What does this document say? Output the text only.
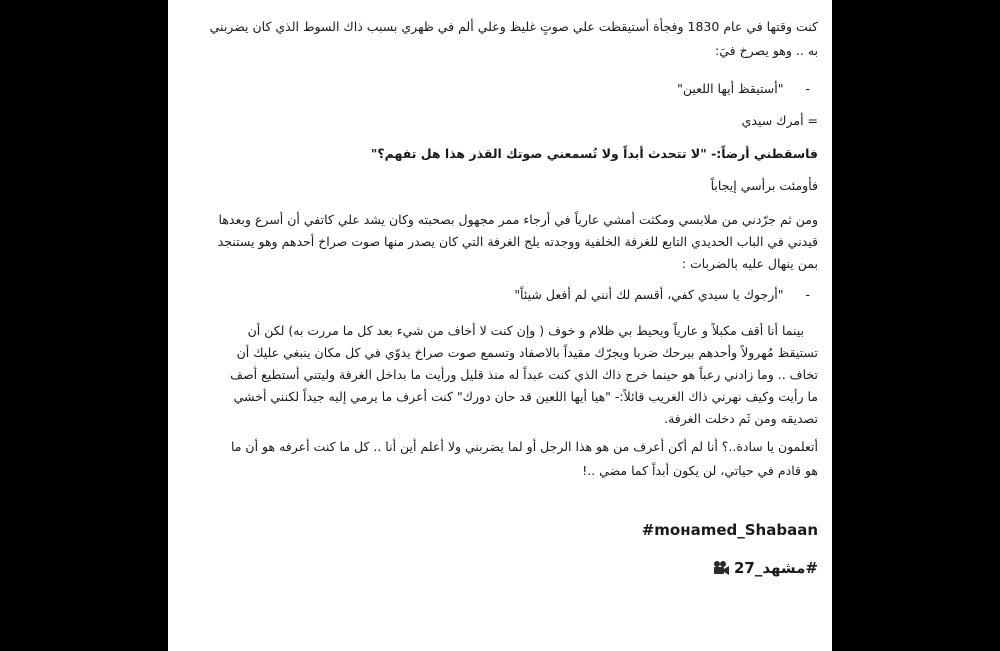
كنت وقتها في عام 1830 وفجأة أستيقظت علي صوتٍ غليظ وعلي ألم في ظهري بسبب ذاك السوط الذي كان يضربني

به .. وهو يصرخ فيَ:

- "أستيقظ أيها اللعين"

= أمرك سيدي

فاسقطني أرضاً:- "لا تتحدث أبداً ولا تُسمعني صوتك القذر هذا هل تفهم؟"

فأومئت برأسي إيجاباً

ومن ثم جرّدني من ملابسي ومكثت أمشي عارياً في أرجاء ممر مجهول بصحبته وكان يشد علي كاتفي أن أسرع وبعدها

قيدني في الباب الحديدي التابع للغرفة الخلفية ووجدته يلج الغرفة التي كان يصدر منها صوت صراخ أحدهم وهو يستنجد

بمن ينهال عليه بالضربات :

- "أرجوك يا سيدي كفي، أقسم لك أنني لم أفعل شيئاً"

بينما أنا أقف مكبلاً و عارياً ويحيط بي ظلام و خوف ( وإن كنت لا أخاف من شيء بعد كل ما مررت به) لكن أن

تستيقظ مُهرولاً وأحدهم بيرحك ضربا ويجرّك مقيداً بالاصفاد وتسمع صوت صراخ يدوّي في كل مكان ينبغي عليك أن

تخاف .. وما زادني رعباً هو حينما خرج ذاك الذي كنت عبداً له منذ قليل ورأيت ما بداخل الغرفة وليتني أستطيع أصف

ما رأيت وكيف نهرني ذاك الغريب قائلاً:- "هيا أيها اللعين قد حان دورك" كنت أعرف ما يرمي إليه جيداً لكنني أخشي

تصديقه ومن ثَم دخلت الغرفة.

أتعلمون يا سادة..؟ أنا لم أكن أعرف من هو هذا الرجل أو لما يضربني ولا أعلم أين أنا .. كل ما كنت أعرفه هو أن ما

هو قادم في حياتي، لن يكون أبداً كما مضي ..!

#moнamed_Shabaan

#مشهد_27
